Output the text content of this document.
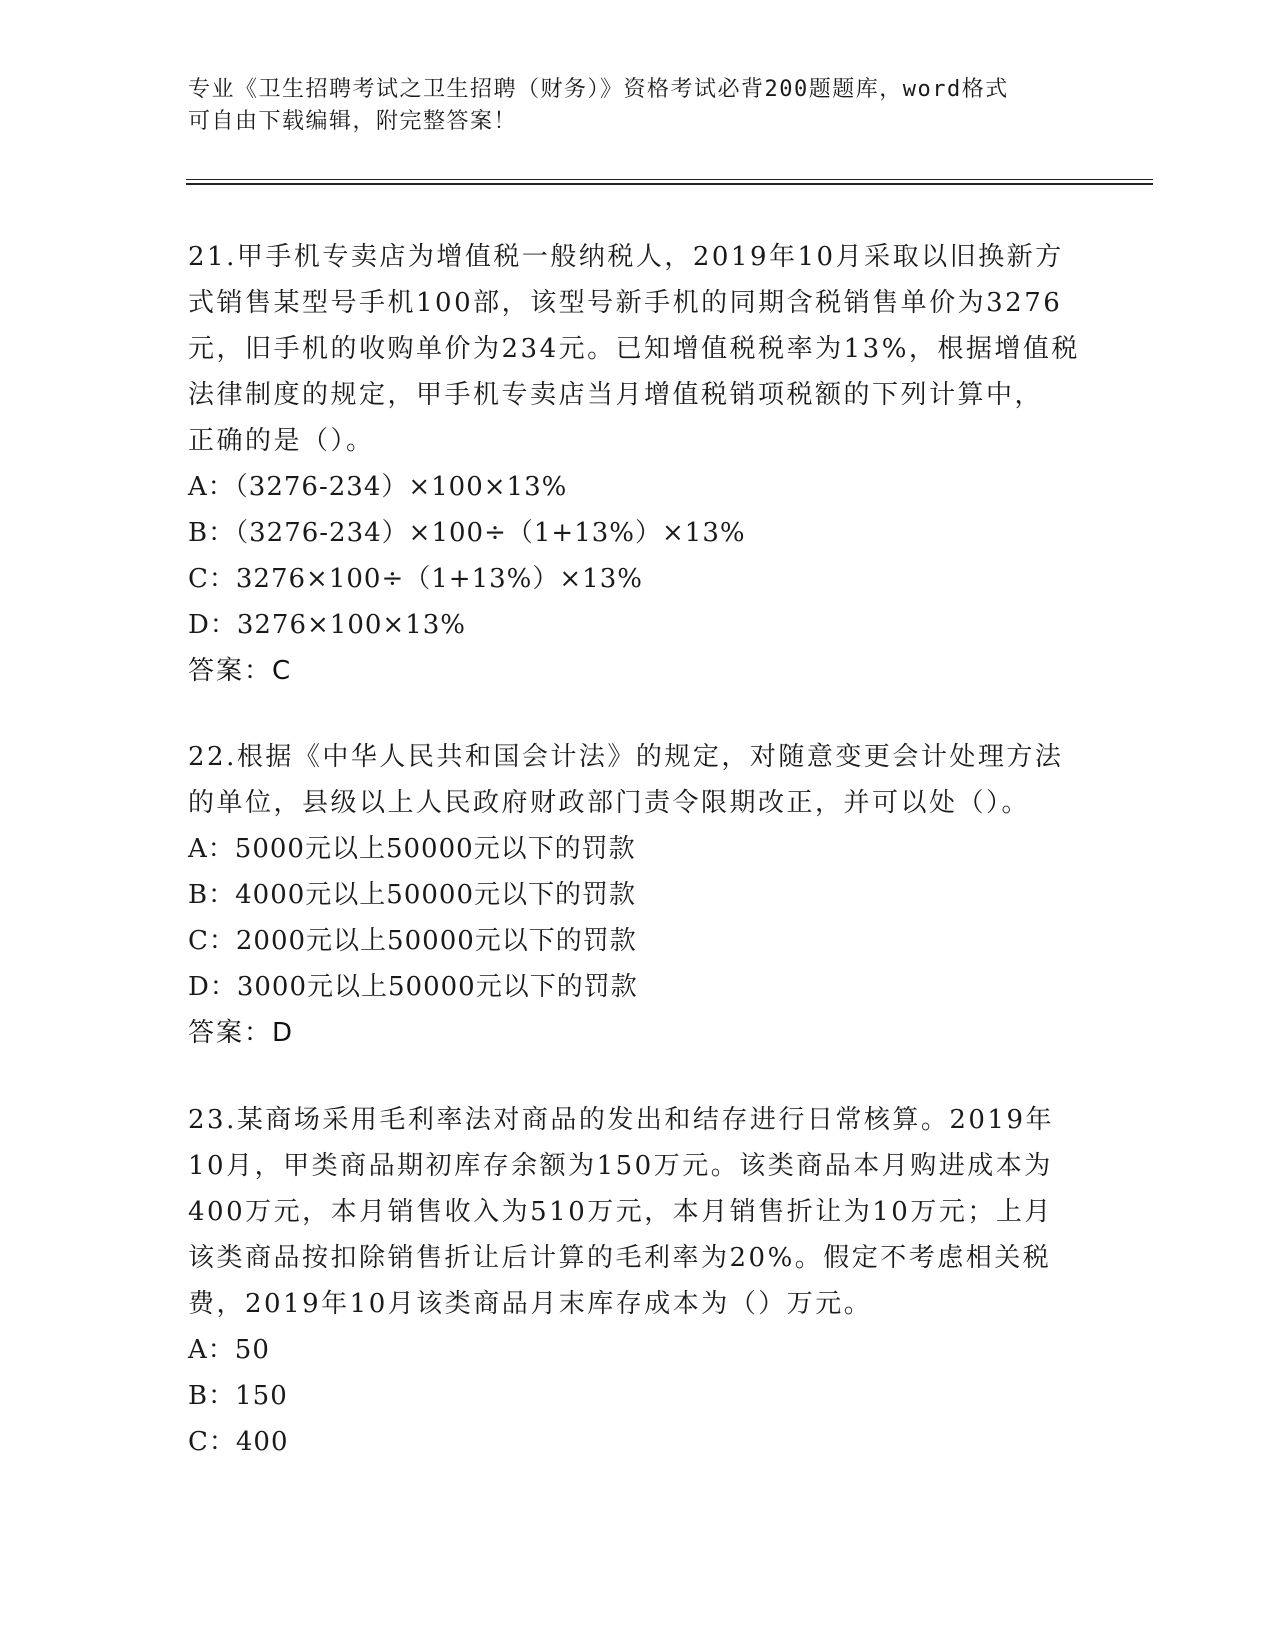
专业《卫生招聘考试之卫生招聘（财务）》资格考试必背200题题库，word格式
可自由下载编辑，附完整答案！
21.甲手机专卖店为增值税一般纳税人，2019年10月采取以旧换新方
式销售某型号手机100部，该型号新手机的同期含税销售单价为3276
元，旧手机的收购单价为234元。已知增值税税率为13%，根据增值税
法律制度的规定，甲手机专卖店当月增值税销项税额的下列计算中，
正确的是（）。
A：（3276-234）×100×13%
B：（3276-234）×100÷（1+13%）×13%
C：3276×100÷（1+13%）×13%
D：3276×100×13%
答案：C
22.根据《中华人民共和国会计法》的规定，对随意变更会计处理方法
的单位，县级以上人民政府财政部门责令限期改正，并可以处（）。
A：5000元以上50000元以下的罚款
B：4000元以上50000元以下的罚款
C：2000元以上50000元以下的罚款
D：3000元以上50000元以下的罚款
答案：D
23.某商场采用毛利率法对商品的发出和结存进行日常核算。2019年
10月，甲类商品期初库存余额为150万元。该类商品本月购进成本为
400万元，本月销售收入为510万元，本月销售折让为10万元；上月
该类商品按扣除销售折让后计算的毛利率为20%。假定不考虑相关税
费，2019年10月该类商品月末库存成本为（）万元。
A：50
B：150
C：400
